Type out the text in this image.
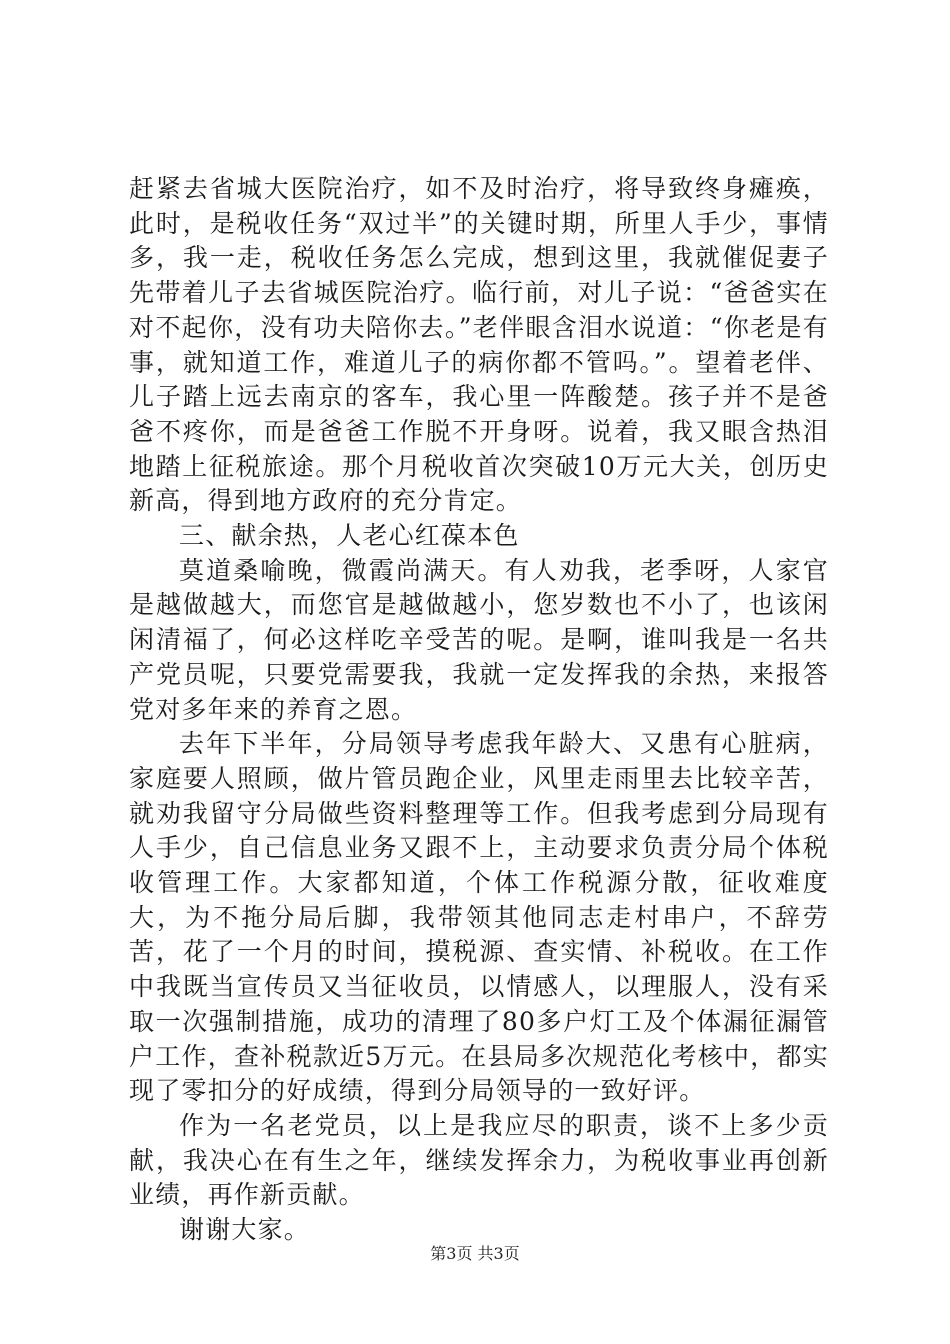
赶紧去省城大医院治疗，如不及时治疗，将导致终身瘫痪，此时，是税收任务“双过半”的关键时期，所里人手少，事情多，我一走，税收任务怎么完成，想到这里，我就催促妻子先带着儿子去省城医院治疗。临行前，对儿子说：“爸爸实在对不起你，没有功夫陪你去。”老伴眼含泪水说道：“你老是有事，就知道工作，难道儿子的病你都不管吗。”。望着老伴、儿子踏上远去南京的客车，我心里一阵酸楚。孩子并不是爸爸不疼你，而是爸爸工作脱不开身呀。说着，我又眼含热泪地踏上征税旅途。那个月税收首次突破10万元大关，创历史新高，得到地方政府的充分肯定。

三、献余热，人老心红葆本色

莫道桑喻晚，微霞尚满天。有人劝我，老季呀，人家官是越做越大，而您官是越做越小，您岁数也不小了，也该闲闲清福了，何必这样吃辛受苦的呢。是啊，谁叫我是一名共产党员呢，只要党需要我，我就一定发挥我的余热，来报答党对多年来的养育之恩。

去年下半年，分局领导考虑我年龄大、又患有心脏病，家庭要人照顾，做片管员跑企业，风里走雨里去比较辛苦，就劝我留守分局做些资料整理等工作。但我考虑到分局现有人手少，自己信息业务又跟不上，主动要求负责分局个体税收管理工作。大家都知道，个体工作税源分散，征收难度大，为不拖分局后脚，我带领其他同志走村串户，不辞劳苦，花了一个月的时间，摸税源、查实情、补税收。在工作中我既当宣传员又当征收员，以情感人，以理服人，没有采取一次强制措施，成功的清理了80多户灯工及个体漏征漏管户工作，查补税款近5万元。在县局多次规范化考核中，都实现了零扣分的好成绩，得到分局领导的一致好评。

作为一名老党员，以上是我应尽的职责，谈不上多少贡献，我决心在有生之年，继续发挥余力，为税收事业再创新业绩，再作新贡献。

谢谢大家。

第3页 共3页
